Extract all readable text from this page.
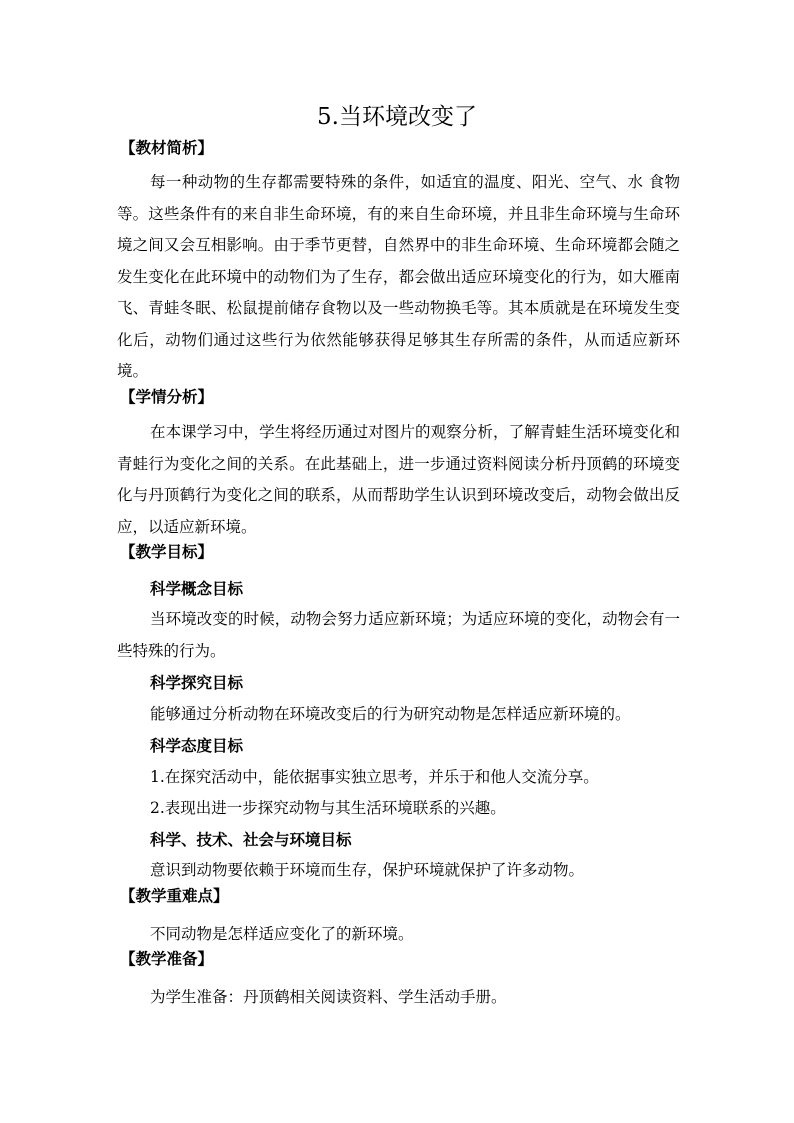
5.当环境改变了
【教材简析】

每一种动物的生存都需要特殊的条件，如适宜的温度、阳光、空气、水 食物等。这些条件有的来自非生命环境，有的来自生命环境，并且非生命环境与生命环境之间又会互相影响。由于季节更替，自然界中的非生命环境、生命环境都会随之发生变化在此环境中的动物们为了生存，都会做出适应环境变化的行为，如大雁南飞、青蛙冬眠、松鼠提前储存食物以及一些动物换毛等。其本质就是在环境发生变化后，动物们通过这些行为依然能够获得足够其生存所需的条件，从而适应新环境。

【学情分析】

在本课学习中，学生将经历通过对图片的观察分析，了解青蛙生活环境变化和青蛙行为变化之间的关系。在此基础上，进一步通过资料阅读分析丹顶鹤的环境变化与丹顶鹤行为变化之间的联系，从而帮助学生认识到环境改变后，动物会做出反应，以适应新环境。

【教学目标】
科学概念目标

当环境改变的时候，动物会努力适应新环境；为适应环境的变化，动物会有一些特殊的行为。

科学探究目标
能够通过分析动物在环境改变后的行为研究动物是怎样适应新环境的。
科学态度目标
1.在探究活动中，能依据事实独立思考，并乐于和他人交流分享。
2.表现出进一步探究动物与其生活环境联系的兴趣。
科学、技术、社会与环境目标
意识到动物要依赖于环境而生存，保护环境就保护了许多动物。
【教学重难点】
不同动物是怎样适应变化了的新环境。
【教学准备】
为学生准备：丹顶鹤相关阅读资料、学生活动手册。
